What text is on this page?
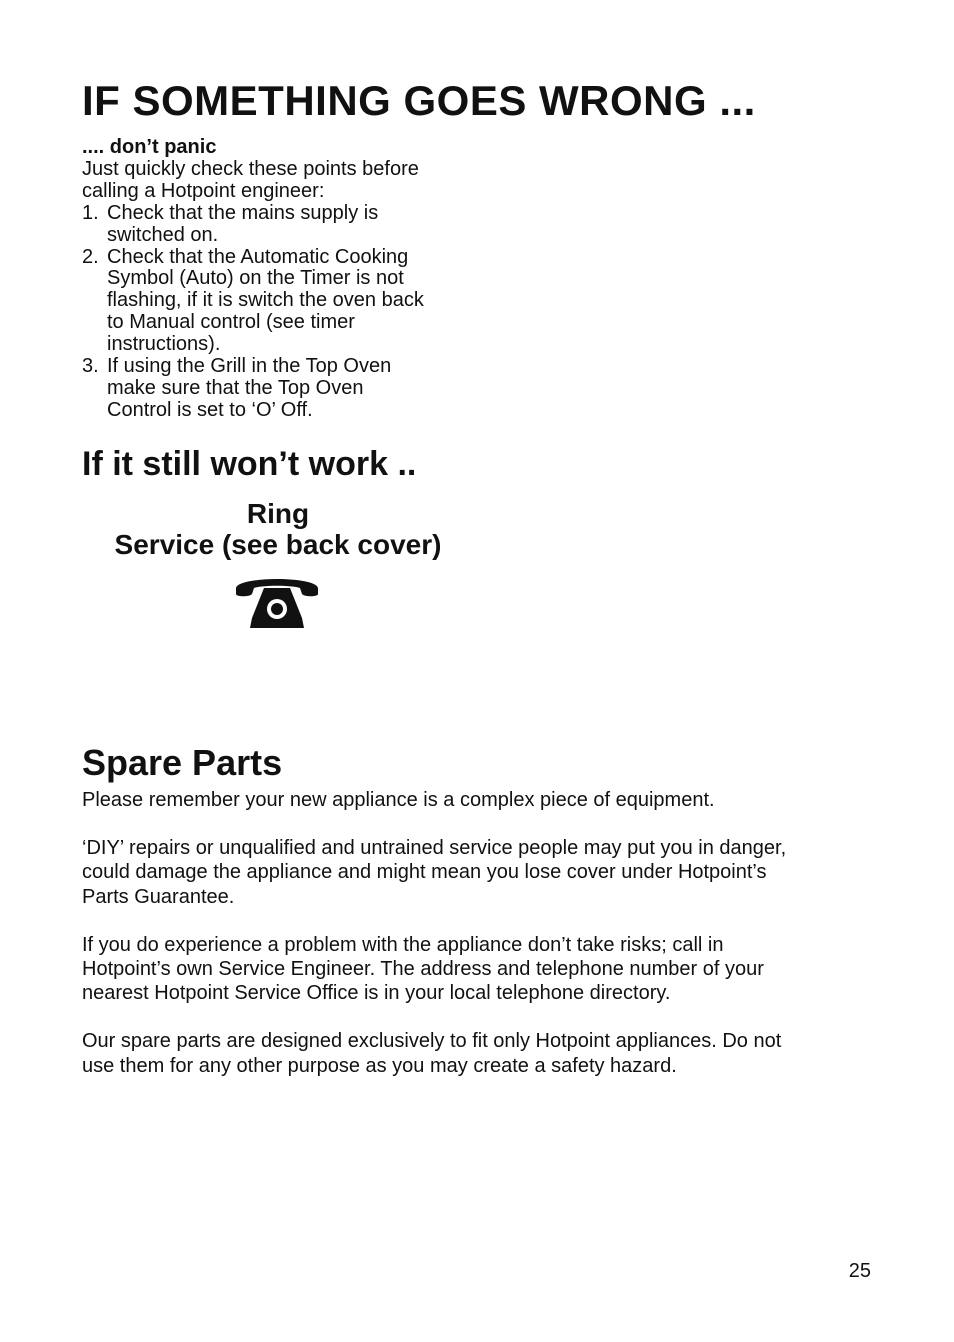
IF SOMETHING GOES WRONG ...

.... don’t panic

Just quickly check these points before

calling a Hotpoint engineer:

1. Check that the mains supply is
switched on.
2. Check that the Automatic Cooking
Symbol (Auto) on the Timer is not
flashing, if it is switch the oven back
to Manual control (see timer
instructions).
3. If using the Grill in the Top Oven
make sure that the Top Oven
Control is set to ‘O’ Off.
If it still won’t work ..
Ring
Service (see back cover)
Spare Parts

Please remember your new appliance is a complex piece of equipment.

‘DIY’ repairs or unqualified and untrained service people may put you in danger,
could damage the appliance and might mean you lose cover under Hotpoint’s
Parts Guarantee.

If you do experience a problem with the appliance don’t take risks; call in
Hotpoint’s own Service Engineer. The address and telephone number of your
nearest Hotpoint Service Office is in your local telephone directory.

Our spare parts are designed exclusively to fit only Hotpoint appliances. Do not
use them for any other purpose as you may create a safety hazard.

25
